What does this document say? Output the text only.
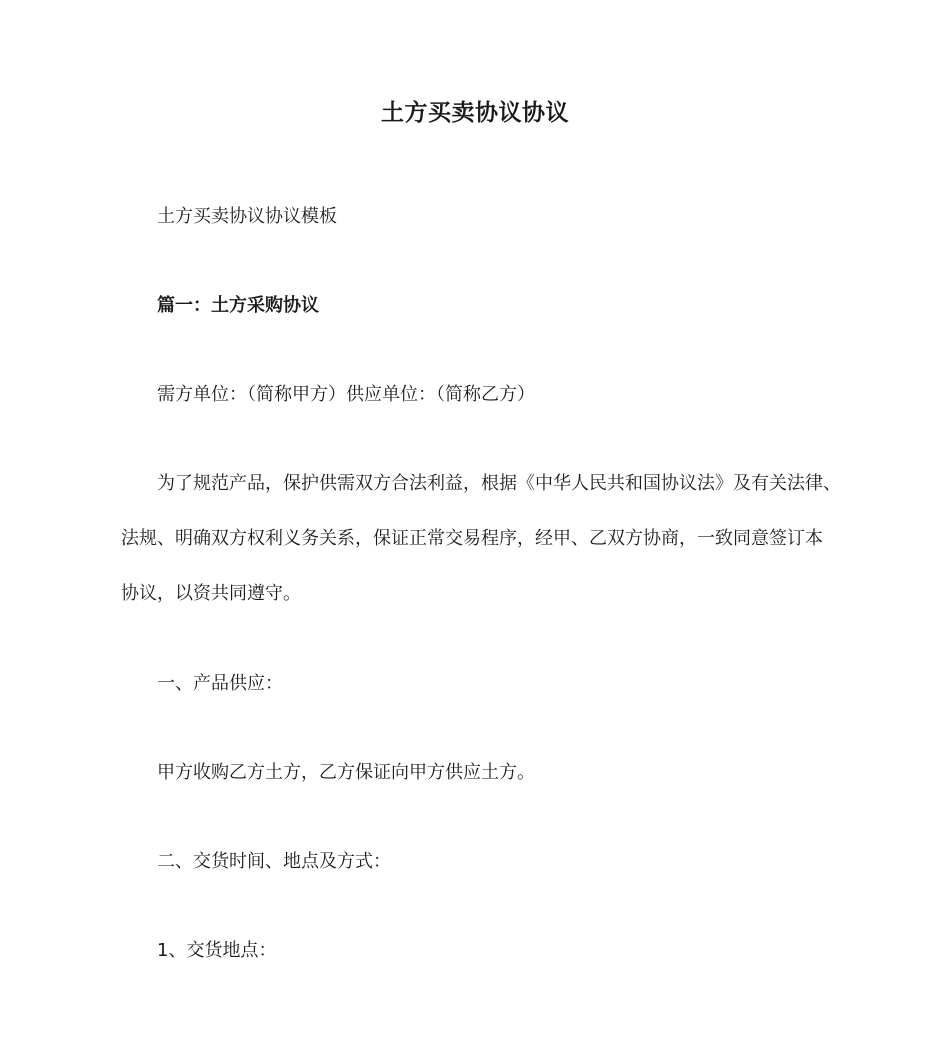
土方买卖协议协议

土方买卖协议协议模板

篇一：土方采购协议

需方单位：（简称甲方）供应单位：（简称乙方）

为了规范产品，保护供需双方合法利益，根据《中华人民共和国协议法》及有关法律、
法规、明确双方权利义务关系，保证正常交易程序，经甲、乙双方协商，一致同意签订本
协议，以资共同遵守。

一、产品供应：

甲方收购乙方土方，乙方保证向甲方供应土方。

二、交货时间、地点及方式：

1、交货地点：
